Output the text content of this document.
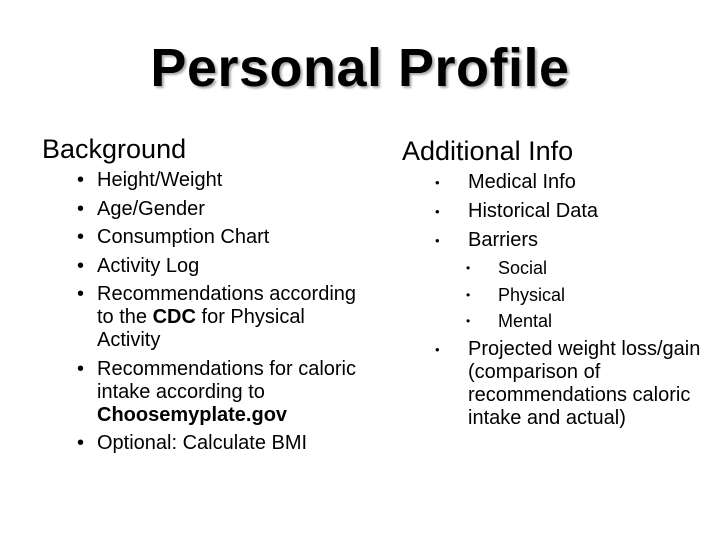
Personal Profile
Background
• Height/Weight
• Age/Gender
• Consumption Chart
• Activity Log
• Recommendations according to the CDC for Physical Activity
• Recommendations for caloric intake according to Choosemyplate.gov
• Optional: Calculate BMI
Additional Info
• Medical Info
• Historical Data
• Barriers
• Social
• Physical
• Mental
• Projected weight loss/gain (comparison of recommendations caloric intake and actual)
